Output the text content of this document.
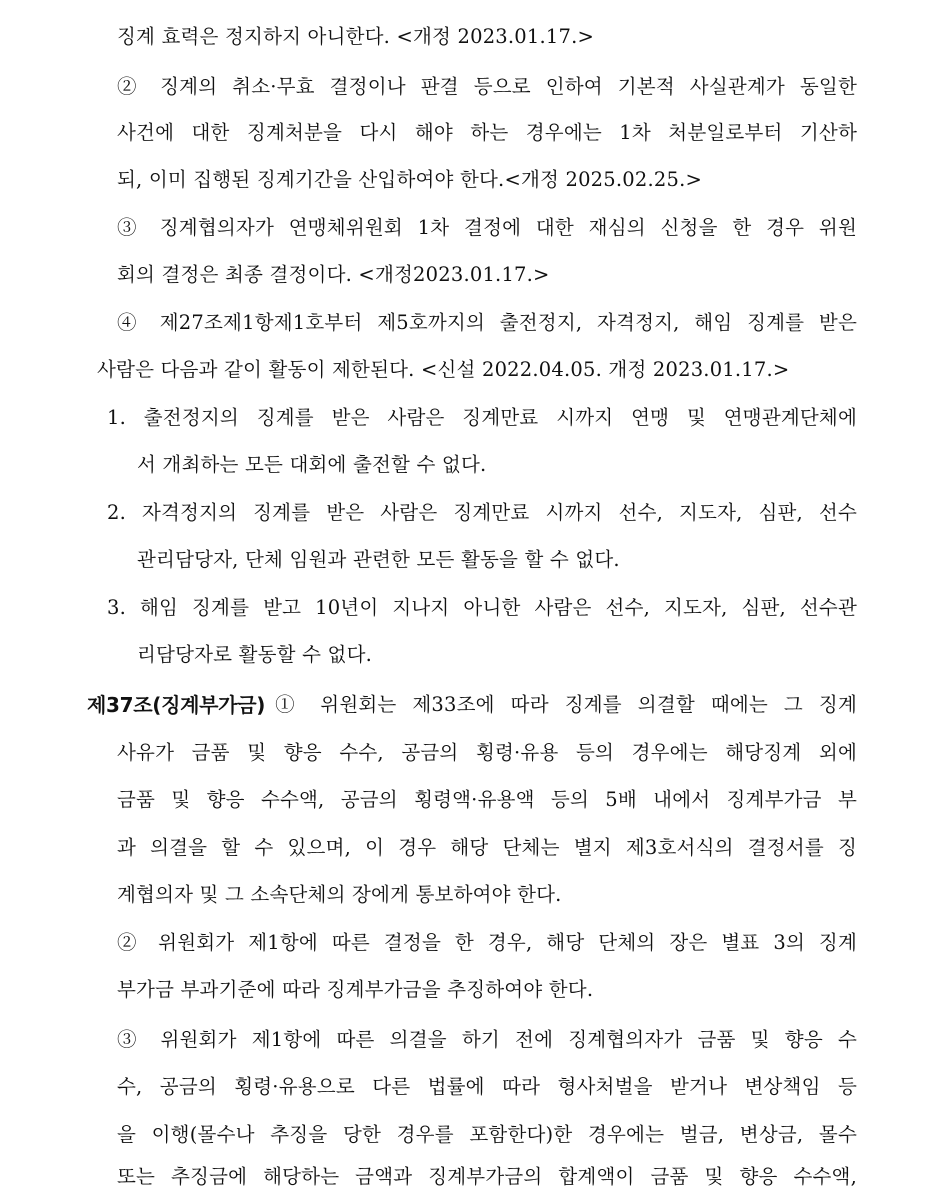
징계 효력은 정지하지 아니한다. <개정 2023.01.17.>
② 징계의 취소·무효 결정이나 판결 등으로 인하여 기본적 사실관계가 동일한
사건에 대한 징계처분을 다시 해야 하는 경우에는 1차 처분일로부터 기산하
되, 이미 집행된 징계기간을 산입하여야 한다.<개정 2025.02.25.>
③ 징계협의자가 연맹체위원회 1차 결정에 대한 재심의 신청을 한 경우 위원
회의 결정은 최종 결정이다. <개정2023.01.17.>
④ 제27조제1항제1호부터 제5호까지의 출전정지, 자격정지, 해임 징계를 받은
사람은 다음과 같이 활동이 제한된다. <신설 2022.04.05. 개정 2023.01.17.>
1. 출전정지의 징계를 받은 사람은 징계만료 시까지 연맹 및 연맹관계단체에
서 개최하는 모든 대회에 출전할 수 없다.
2. 자격정지의 징계를 받은 사람은 징계만료 시까지 선수, 지도자, 심판, 선수
관리담당자, 단체 임원과 관련한 모든 활동을 할 수 없다.
3. 해임 징계를 받고 10년이 지나지 아니한 사람은 선수, 지도자, 심판, 선수관
리담당자로 활동할 수 없다.
제37조(징계부가금) ① 위원회는 제33조에 따라 징계를 의결할 때에는 그 징계
사유가 금품 및 향응 수수, 공금의 횡령·유용 등의 경우에는 해당징계 외에
금품 및 향응 수수액, 공금의 횡령액·유용액 등의 5배 내에서 징계부가금 부
과 의결을 할 수 있으며, 이 경우 해당 단체는 별지 제3호서식의 결정서를 징
계협의자 및 그 소속단체의 장에게 통보하여야 한다.
② 위원회가 제1항에 따른 결정을 한 경우, 해당 단체의 장은 별표 3의 징계
부가금 부과기준에 따라 징계부가금을 추징하여야 한다.
③ 위원회가 제1항에 따른 의결을 하기 전에 징계협의자가 금품 및 향응 수
수, 공금의 횡령·유용으로 다른 법률에 따라 형사처벌을 받거나 변상책임 등
을 이행(몰수나 추징을 당한 경우를 포함한다)한 경우에는 벌금, 변상금, 몰수
또는 추징금에 해당하는 금액과 징계부가금의 합계액이 금품 및 향응 수수액,
